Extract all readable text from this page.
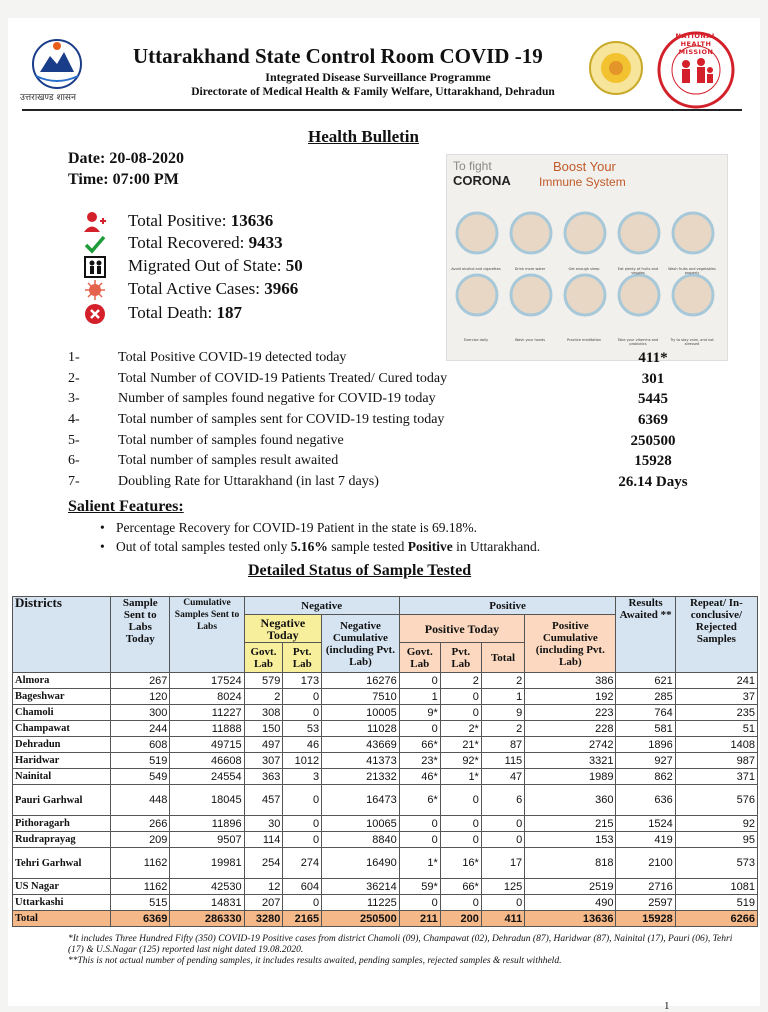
उत्तराखण्ड शासन
Uttarakhand State Control Room COVID -19
Integrated Disease Surveillance Programme
Directorate of Medical Health & Family Welfare, Uttarakhand, Dehradun
NATIONAL HEALTH MISSION
Health Bulletin
Date: 20-08-2020
Time: 07:00 PM
Total Positive: 13636
Total Recovered: 9433
Migrated Out of State: 50
Total Active Cases: 3966
Total Death: 187
To fight
CORONA
Boost Your
Immune System
Avoid alcohol and cigarettes	Drink more water	Get enough sleep	Eat plenty of fruits and veggies
Wash fruits and vegetables properly
Exercise daily	Wash your hands	Practice meditation	Take your vitamins and probiotics
Try to stay calm, and not stressed
1-	Total Positive COVID-19 detected today	411*
2-	Total Number of COVID-19 Patients Treated/ Cured today	301
3-	Number of samples found negative for COVID-19 today	5445
4-	Total number of samples sent for COVID-19 testing today	6369
5-	Total number of samples found negative	250500
6-	Total number of samples result awaited	15928
7-	Doubling Rate for Uttarakhand (in last 7 days)	26.14 Days
Salient Features:
• Percentage Recovery for COVID-19 Patient in the state is 69.18%.
• Out of total samples tested only 5.16% sample tested Positive in Uttarakhand.
Detailed Status of Sample Tested
Districts	Sample Sent to Labs Today	Cumulative Samples Sent to Labs	Negative			Positive				Results Awaited **	Repeat/ In-conclusive/ Rejected Samples
			Negative Today		Negative Cumulative (including Pvt. Lab)	Positive Today			Positive Cumulative (including Pvt. Lab)		
			Govt. Lab	Pvt. Lab		Govt. Lab	Pvt. Lab	Total			
Almora	267	17524	579	173	16276	0	2	2	386	621	241
Bageshwar	120	8024	2	0	7510	1	0	1	192	285	37
Chamoli	300	11227	308	0	10005	9*	0	9	223	764	235
Champawat	244	11888	150	53	11028	0	2*	2	228	581	51
Dehradun	608	49715	497	46	43669	66*	21*	87	2742	1896	1408
Haridwar	519	46608	307	1012	41373	23*	92*	115	3321	927	987
Nainital	549	24554	363	3	21332	46*	1*	47	1989	862	371
Pauri Garhwal	448	18045	457	0	16473	6*	0	6	360	636	576
Pithoragarh	266	11896	30	0	10065	0	0	0	215	1524	92
Rudraprayag	209	9507	114	0	8840	0	0	0	153	419	95
Tehri Garhwal	1162	19981	254	274	16490	1*	16*	17	818	2100	573
US Nagar	1162	42530	12	604	36214	59*	66*	125	2519	2716	1081
Uttarkashi	515	14831	207	0	11225	0	0	0	490	2597	519
Total	6369	286330	3280	2165	250500	211	200	411	13636	15928	6266
*It includes Three Hundred Fifty (350) COVID-19 Positive cases from district Chamoli (09), Champawat (02), Dehradun (87), Haridwar (87), Nainital (17), Pauri (06), Tehri (17) & U.S.Nagar (125) reported last night dated 19.08.2020.
**This is not actual number of pending samples, it includes results awaited, pending samples, rejected samples & result withheld.
1
